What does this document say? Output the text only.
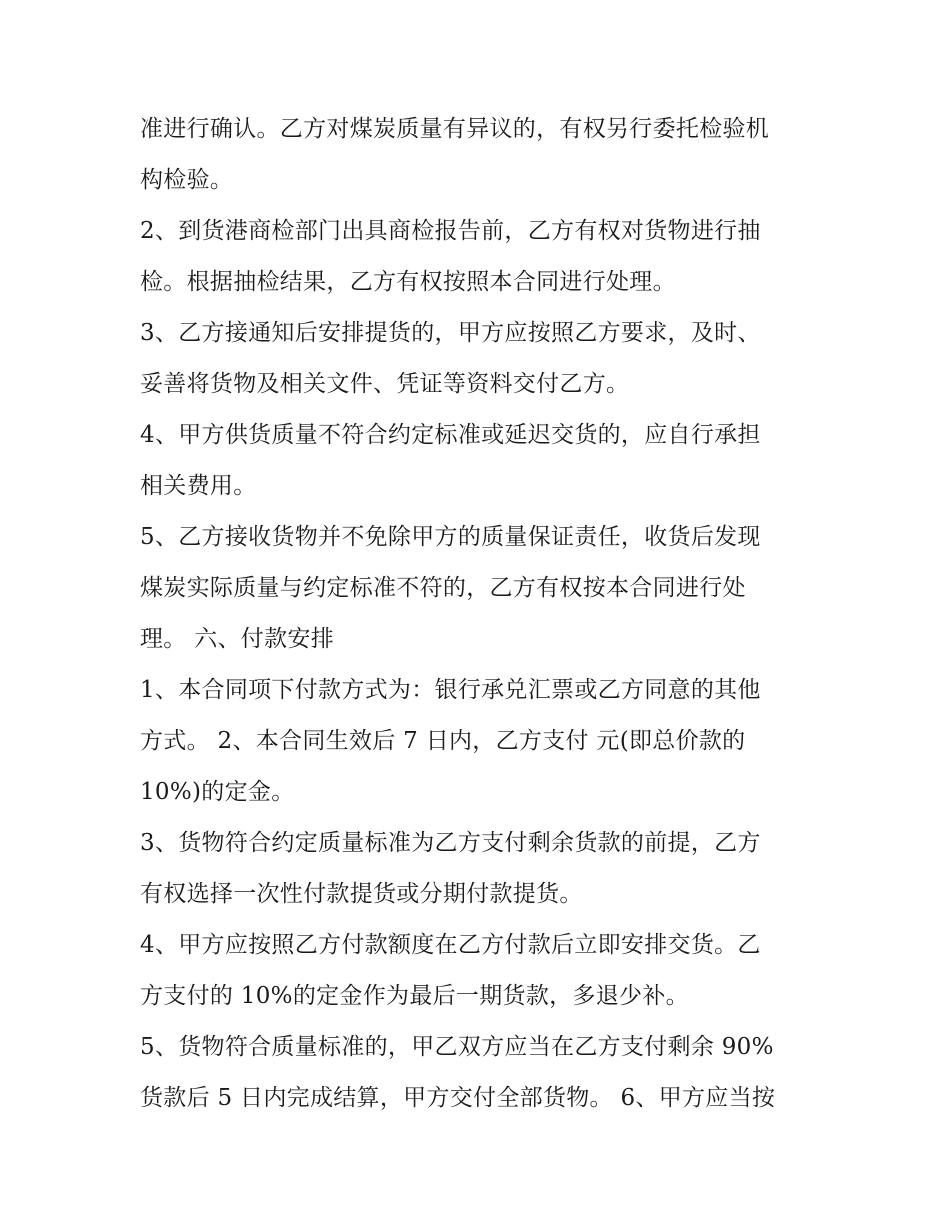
准进行确认。乙方对煤炭质量有异议的，有权另行委托检验机
构检验。
2、到货港商检部门出具商检报告前，乙方有权对货物进行抽
检。根据抽检结果，乙方有权按照本合同进行处理。
3、乙方接通知后安排提货的，甲方应按照乙方要求，及时、
妥善将货物及相关文件、凭证等资料交付乙方。
4、甲方供货质量不符合约定标准或延迟交货的，应自行承担
相关费用。
5、乙方接收货物并不免除甲方的质量保证责任，收货后发现
煤炭实际质量与约定标准不符的，乙方有权按本合同进行处
理。 六、付款安排
1、本合同项下付款方式为：银行承兑汇票或乙方同意的其他
方式。 2、本合同生效后 7 日内，乙方支付 元(即总价款的
10%)的定金。
3、货物符合约定质量标准为乙方支付剩余货款的前提，乙方
有权选择一次性付款提货或分期付款提货。
4、甲方应按照乙方付款额度在乙方付款后立即安排交货。乙
方支付的 10%的定金作为最后一期货款，多退少补。
5、货物符合质量标准的，甲乙双方应当在乙方支付剩余 90%
货款后 5 日内完成结算，甲方交付全部货物。 6、甲方应当按
